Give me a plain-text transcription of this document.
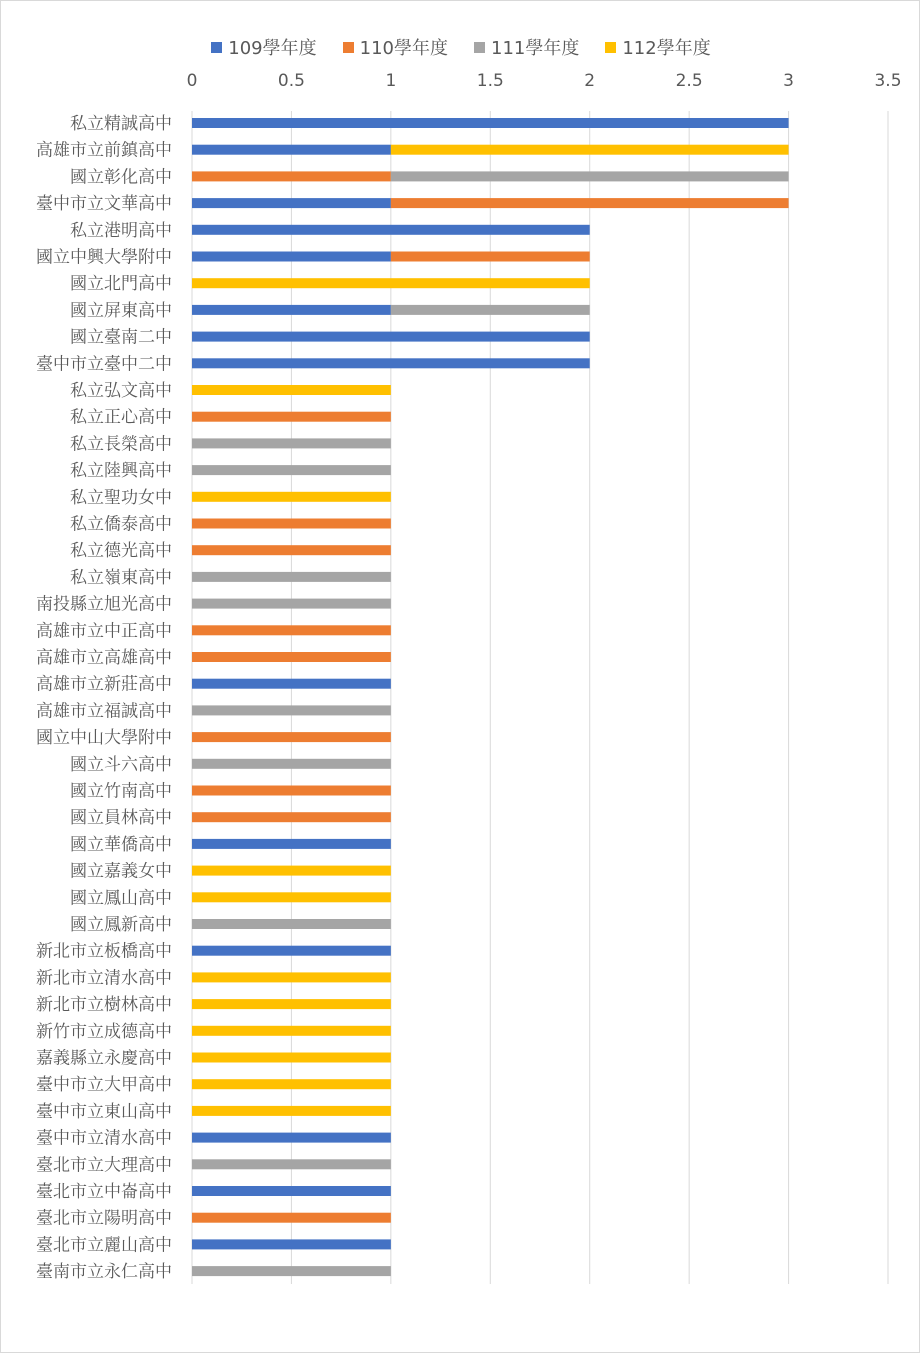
109學年度 110學年度 111學年度 112學年度
0	0.5	1	1.5	2	2.5	3	3.5
私立精誠高中
高雄市立前鎮高中
國立彰化高中
臺中市立文華高中
私立港明高中
國立中興大學附中
國立北門高中
國立屏東高中
國立臺南二中
臺中市立臺中二中
私立弘文高中
私立正心高中
私立長榮高中
私立陸興高中
私立聖功女中
私立僑泰高中
私立德光高中
私立嶺東高中
南投縣立旭光高中
高雄市立中正高中
高雄市立高雄高中
高雄市立新莊高中
高雄市立福誠高中
國立中山大學附中
國立斗六高中
國立竹南高中
國立員林高中
國立華僑高中
國立嘉義女中
國立鳳山高中
國立鳳新高中
新北市立板橋高中
新北市立清水高中
新北市立樹林高中
新竹市立成德高中
嘉義縣立永慶高中
臺中市立大甲高中
臺中市立東山高中
臺中市立清水高中
臺北市立大理高中
臺北市立中崙高中
臺北市立陽明高中
臺北市立麗山高中
臺南市立永仁高中
